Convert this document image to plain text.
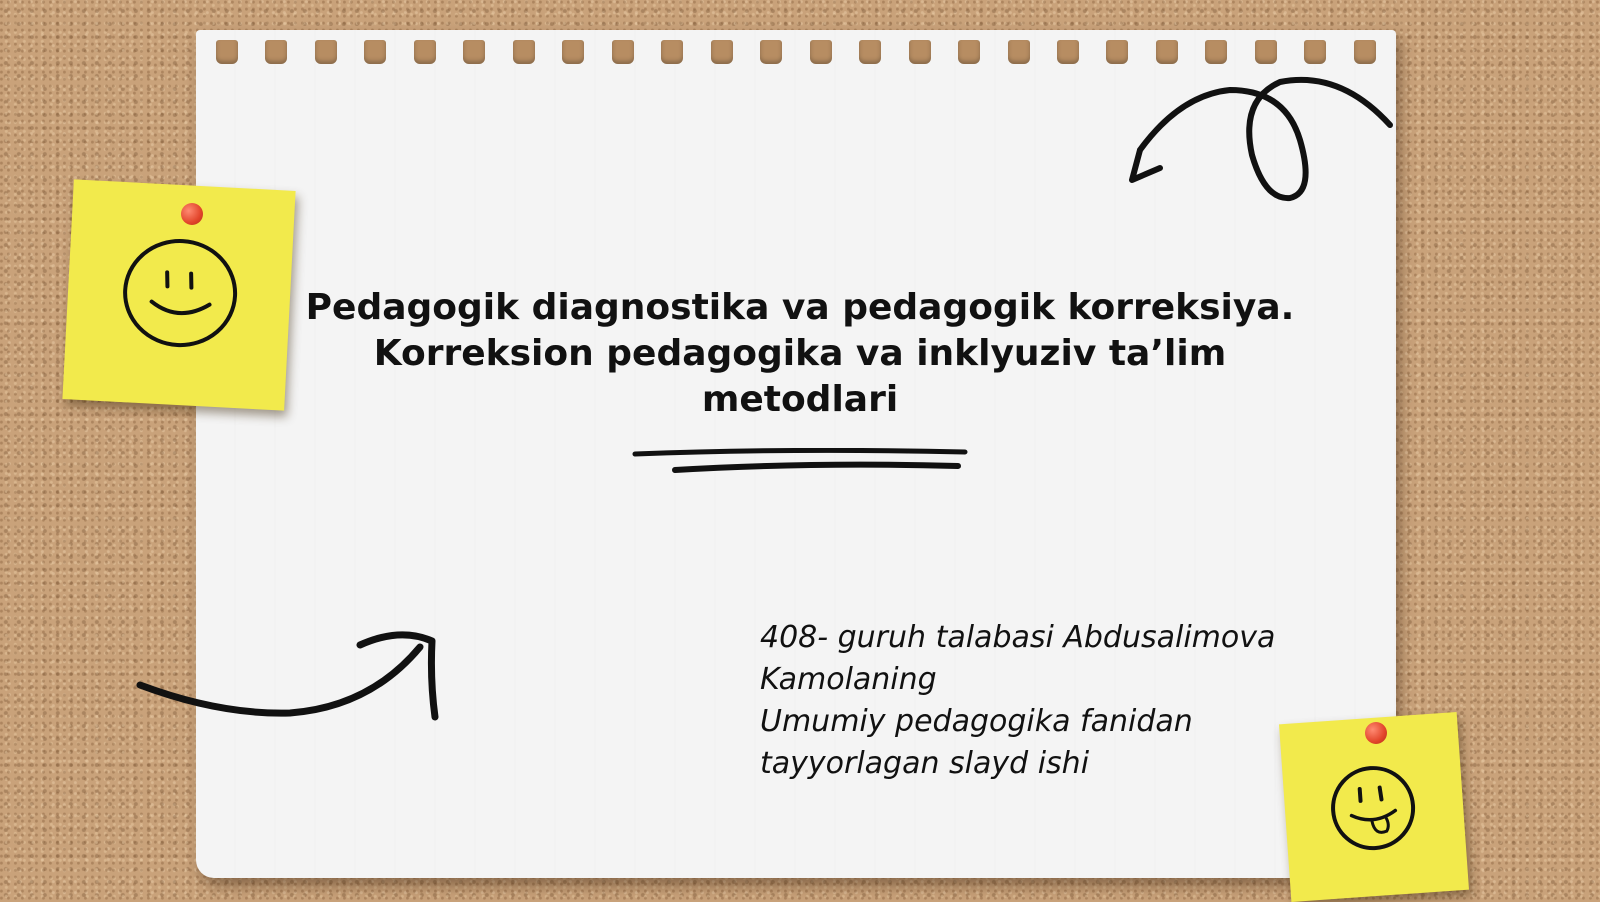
Pedagogik diagnostika va pedagogik korreksiya.
Korreksion pedagogika va inklyuziv ta’lim
metodlari
408- guruh talabasi Abdusalimova
Kamolaning
Umumiy pedagogika fanidan
tayyorlagan slayd ishi
